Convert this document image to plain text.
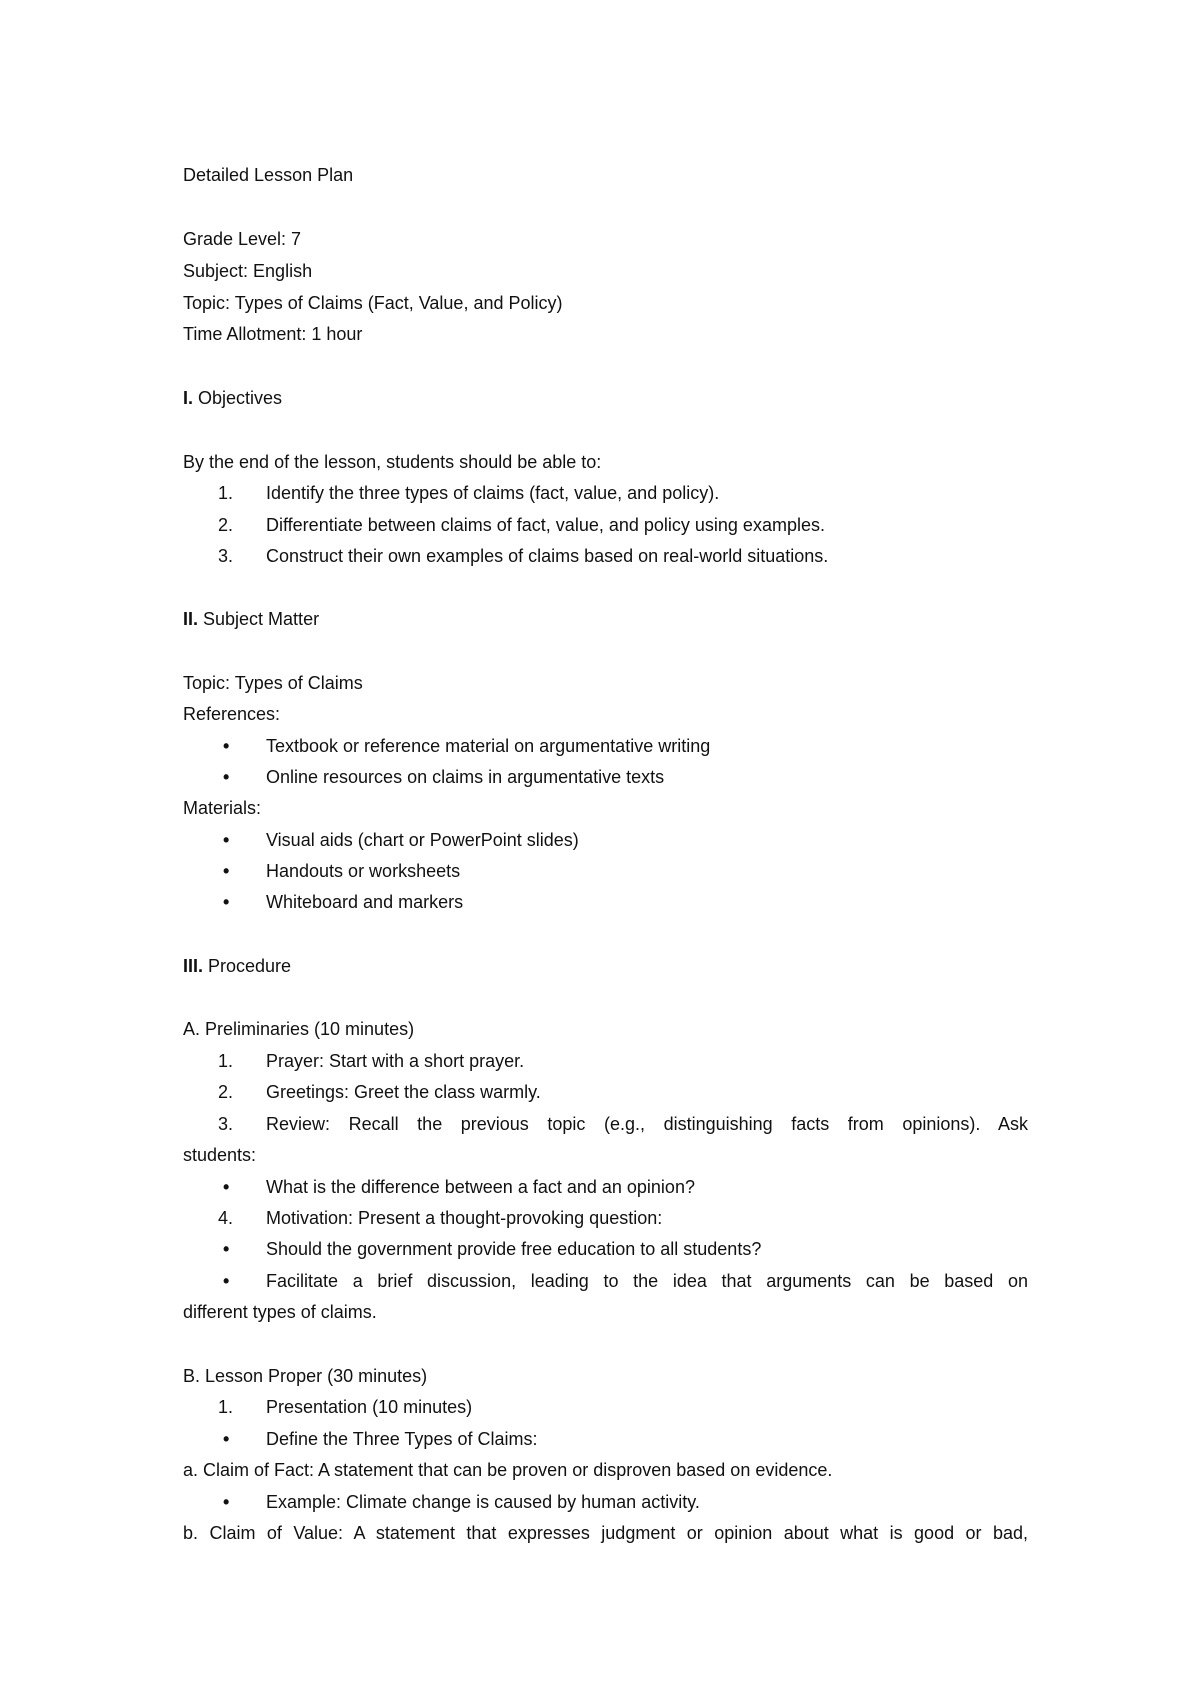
Detailed Lesson Plan
Grade Level: 7
Subject: English
Topic: Types of Claims (Fact, Value, and Policy)
Time Allotment: 1 hour
I. Objectives
By the end of the lesson, students should be able to:
1. Identify the three types of claims (fact, value, and policy).
2. Differentiate between claims of fact, value, and policy using examples.
3. Construct their own examples of claims based on real-world situations.
II. Subject Matter
Topic: Types of Claims
References:
•Textbook or reference material on argumentative writing
•Online resources on claims in argumentative texts
Materials:
•Visual aids (chart or PowerPoint slides)
•Handouts or worksheets
•Whiteboard and markers
III. Procedure
A. Preliminaries (10 minutes)
1. Prayer: Start with a short prayer.
2. Greetings: Greet the class warmly.
3.	Review: Recall the previous topic (e.g., distinguishing facts from opinions). Ask
students:
•What is the difference between a fact and an opinion?
4. Motivation: Present a thought-provoking question:
•Should the government provide free education to all students?
•
Facilitate a brief discussion, leading to the idea that arguments can be based on
different types of claims.
B. Lesson Proper (30 minutes)
1. Presentation (10 minutes)
•Define the Three Types of Claims:
a. Claim of Fact: A statement that can be proven or disproven based on evidence.
•Example: Climate change is caused by human activity.
b. Claim of Value: A statement that expresses judgment or opinion about what is good or bad,
